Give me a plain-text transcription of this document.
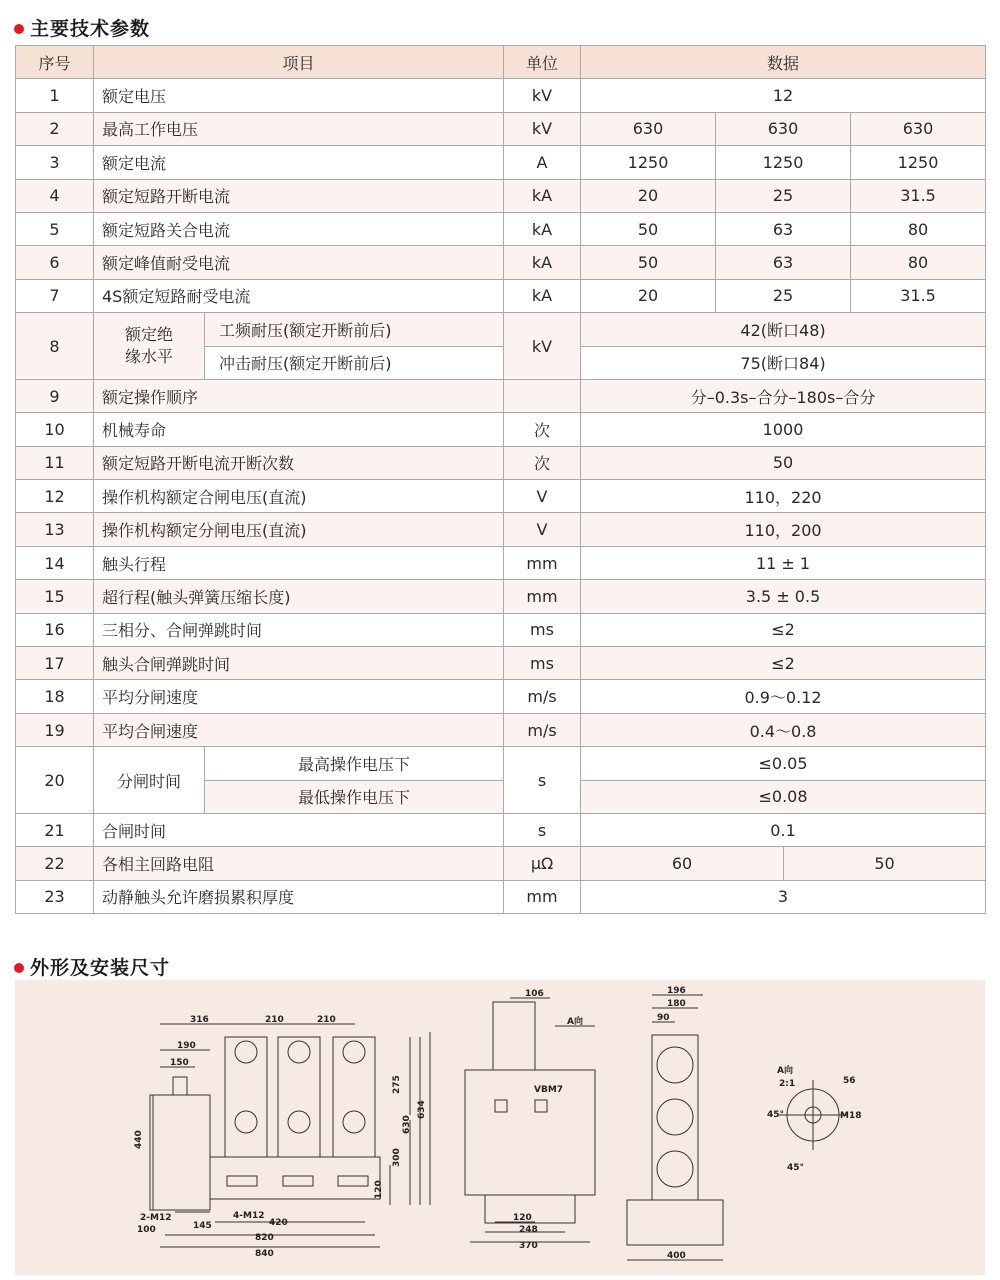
主要技术参数
序号	项目		单位	数据			
1	额定电压		kV	12			
2	最高工作电压		kV	630	630		630
3	额定电流		A	1250	1250		1250
4	额定短路开断电流		kA	20	25		31.5
5	额定短路关合电流		kA	50	63		80
6	额定峰值耐受电流		kA	50	63		80
7	4S额定短路耐受电流		kA	20	25		31.5
8	额定绝缘水平	工频耐压(额定开断前后)	kV	42(断口48)			
		冲击耐压(额定开断前后)		75(断口84)			
9	额定操作顺序			分–0.3s–合分–180s–合分			
10	机械寿命		次	1000			
11	额定短路开断电流开断次数		次	50			
12	操作机构额定合闸电压(直流)		V	110，220			
13	操作机构额定分闸电压(直流)		V	110，200			
14	触头行程		mm	11 ± 1			
15	超行程(触头弹簧压缩长度)		mm	3.5 ± 0.5			
16	三相分、合闸弹跳时间		ms	≤2			
17	触头合闸弹跳时间		ms	≤2			
18	平均分闸速度		m/s	0.9～0.12			
19	平均合闸速度		m/s	0.4～0.8			
20	分闸时间	最高操作电压下	s	≤0.05			
		最低操作电压下		≤0.08			
21	合闸时间		s	0.1			
22	各相主回路电阻		μΩ	60		50	
23	动静触头允许磨损累积厚度		mm	3			
外形及安装尺寸
316	210	210
190
150
440
275
630
634
300
120
2-M12
100	145
4-M12
420
820
840
106
A向
VBM7
120
248
370
196
180
90
400
A向
2:1	56
45°	M18
45°
